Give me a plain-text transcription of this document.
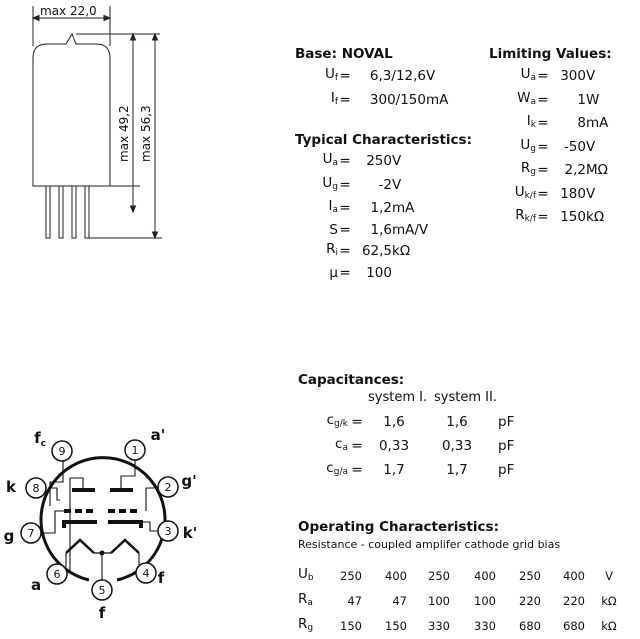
max 22,0
max 49,2 max 56,3
Base: NOVAL
$U_f$	=	6,3/12,6	V
$I_f$	=	300/150	mA
Typical Characteristics:
$U_a$	=	250	V
$U_g$	=	-2	V
$I_a$	=	1,2	mA
S	=	1,6	mA/V
$R_i$	=	62,5	kΩ
μ	=	100	
Limiting Values:
$U_a$	=	300	V
$W_a$	=	1	W
$I_k$	=	8	mA
$U_g$	=	-50	V
$R_g$	=	2,2	MΩ
$U_{k/f}$	=	180	V
$R_{k/f}$	=	150	kΩ
1
2
3
4
5
6
7
8
9
a'
g'
k'
f
f
a
g
k
$f_c$
Capacitances:
system I. system II.
$c_{g/k}$	=	1,6	1,6	pF
$c_a$	=	0,33	0,33	pF
$c_{g/a}$	=	1,7	1,7	pF
Operating Characteristics:
Resistance - coupled amplifer cathode grid bias
$U_b$	250	400	250	400	250	400	V
$R_a$	47	47	100	100	220	220	kΩ
$R_g$	150	150	330	330	680	680	kΩ
